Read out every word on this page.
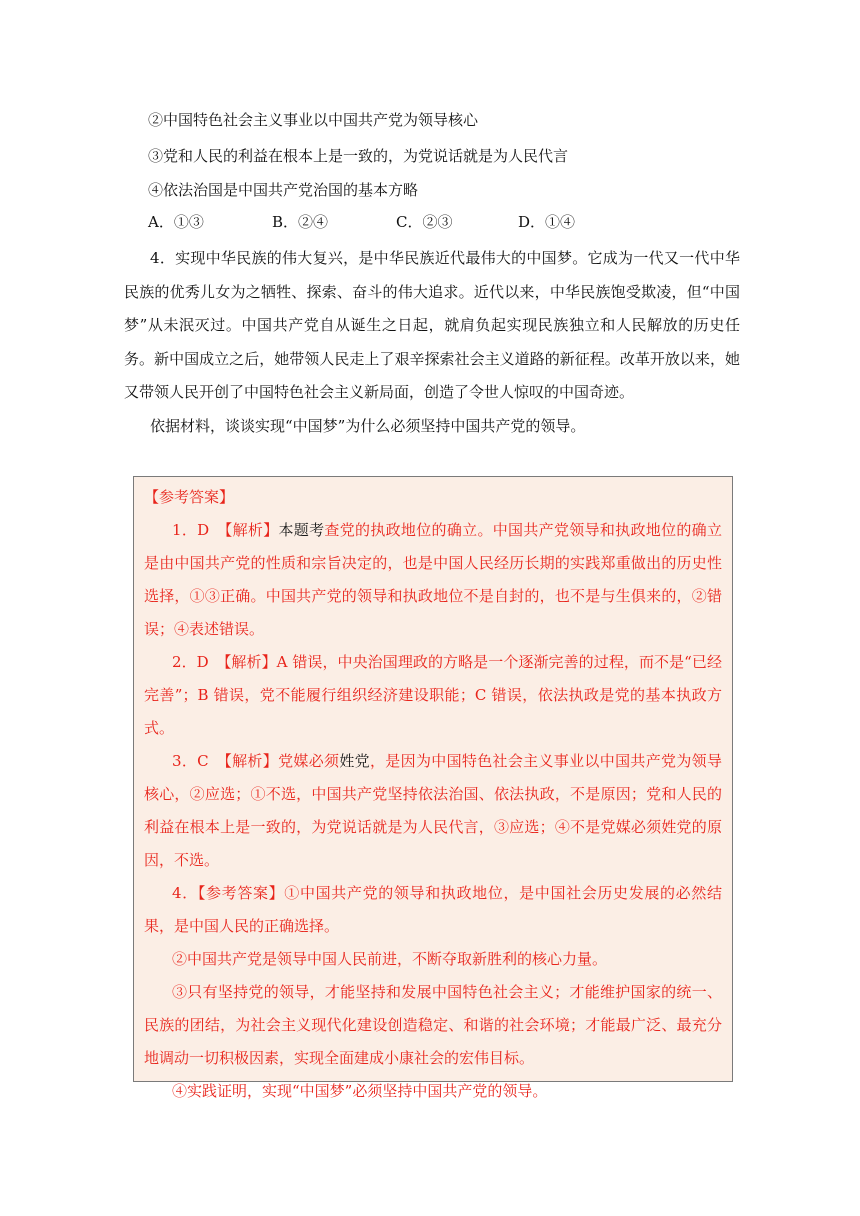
②中国特色社会主义事业以中国共产党为领导核心
③党和人民的利益在根本上是一致的，为党说话就是为人民代言
④依法治国是中国共产党治国的基本方略
A．①③	B．②④	C．②③	D．①④
4．实现中华民族的伟大复兴，是中华民族近代最伟大的中国梦。它成为一代又一代中华民族的优秀儿女为之牺牲、探索、奋斗的伟大追求。近代以来，中华民族饱受欺凌，但“中国梦”从未泯灭过。中国共产党自从诞生之日起，就肩负起实现民族独立和人民解放的历史任务。新中国成立之后，她带领人民走上了艰辛探索社会主义道路的新征程。改革开放以来，她又带领人民开创了中国特色社会主义新局面，创造了令世人惊叹的中国奇迹。
依据材料，谈谈实现“中国梦”为什么必须坚持中国共产党的领导。

【参考答案】

1．D　【解析】本题考查党的执政地位的确立。中国共产党领导和执政地位的确立是由中国共产党的性质和宗旨决定的，也是中国人民经历长期的实践郑重做出的历史性选择，①③正确。中国共产党的领导和执政地位不是自封的，也不是与生俱来的，②错误；④表述错误。

2．D　【解析】A 错误，中央治国理政的方略是一个逐渐完善的过程，而不是“已经完善”；B 错误，党不能履行组织经济建设职能；C 错误，依法执政是党的基本执政方式。

3．C　【解析】党媒必须姓党，是因为中国特色社会主义事业以中国共产党为领导核心，②应选；①不选，中国共产党坚持依法治国、依法执政，不是原因；党和人民的利益在根本上是一致的，为党说话就是为人民代言，③应选；④不是党媒必须姓党的原因，不选。

4．【参考答案】①中国共产党的领导和执政地位，是中国社会历史发展的必然结果，是中国人民的正确选择。

②中国共产党是领导中国人民前进，不断夺取新胜利的核心力量。

③只有坚持党的领导，才能坚持和发展中国特色社会主义；才能维护国家的统一、民族的团结，为社会主义现代化建设创造稳定、和谐的社会环境；才能最广泛、最充分地调动一切积极因素，实现全面建成小康社会的宏伟目标。

④实践证明，实现“中国梦”必须坚持中国共产党的领导。
